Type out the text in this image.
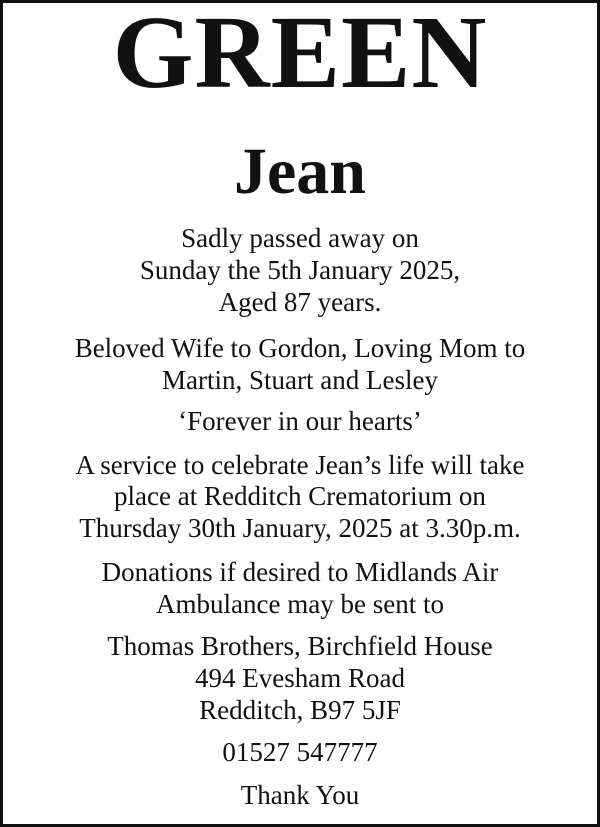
GREEN
Jean
Sadly passed away on
Sunday the 5th January 2025,
Aged 87 years.
Beloved Wife to Gordon, Loving Mom to
Martin, Stuart and Lesley
‘Forever in our hearts’
A service to celebrate Jean’s life will take
place at Redditch Crematorium on
Thursday 30th January, 2025 at 3.30p.m.
Donations if desired to Midlands Air
Ambulance may be sent to
Thomas Brothers, Birchfield House
494 Evesham Road
Redditch, B97 5JF
01527 547777
Thank You
